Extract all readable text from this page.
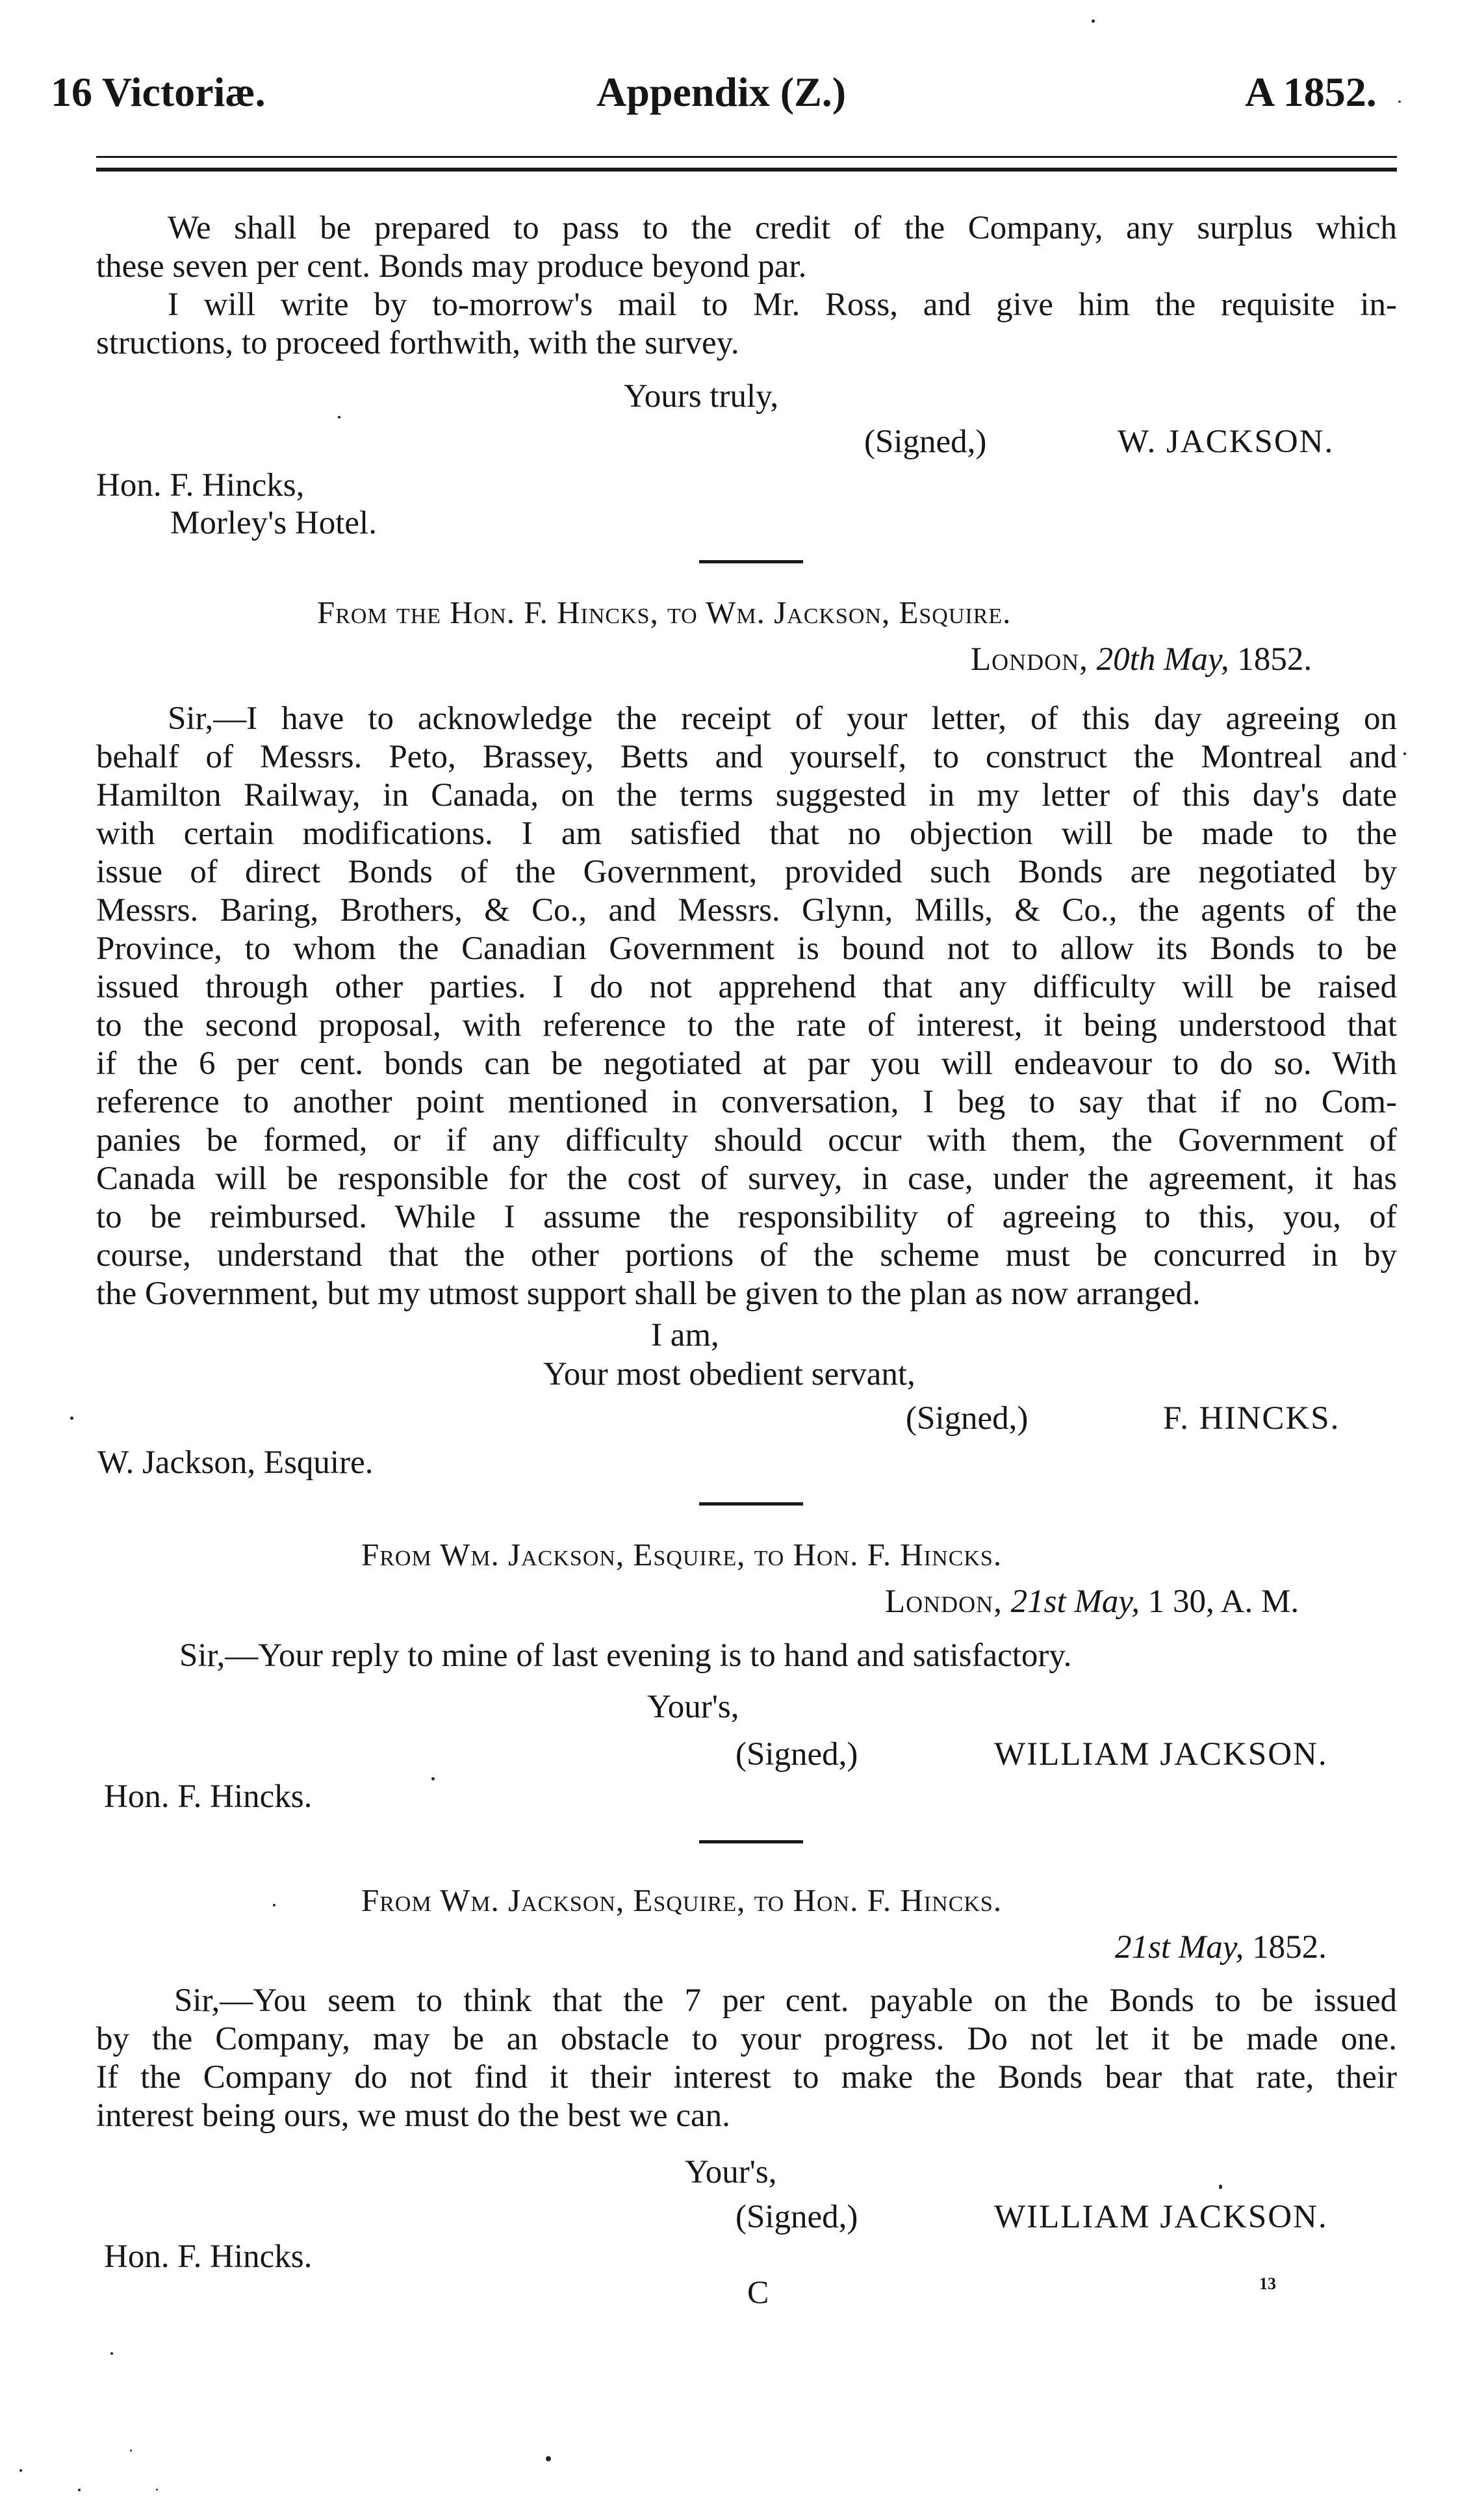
16 Victoriæ.	Appendix (Z.)	A 1852.
We shall be prepared to pass to the credit of the Company, any surplus which
these seven per cent. Bonds may produce beyond par.
I will write by to-morrow's mail to Mr. Ross, and give him the requisite in-
structions, to proceed forthwith, with the survey.
Yours truly,
(Signed,)	W. JACKSON.
Hon. F. Hincks,
Morley's Hotel.
From the Hon. F. Hincks, to Wm. Jackson, Esquire.
London, 20th May, 1852.
Sir,—I have to acknowledge the receipt of your letter, of this day agreeing on
behalf of Messrs. Peto, Brassey, Betts and yourself, to construct the Montreal and
Hamilton Railway, in Canada, on the terms suggested in my letter of this day's date
with certain modifications. I am satisfied that no objection will be made to the
issue of direct Bonds of the Government, provided such Bonds are negotiated by
Messrs. Baring, Brothers, & Co., and Messrs. Glynn, Mills, & Co., the agents of the
Province, to whom the Canadian Government is bound not to allow its Bonds to be
issued through other parties. I do not apprehend that any difficulty will be raised
to the second proposal, with reference to the rate of interest, it being understood that
if the 6 per cent. bonds can be negotiated at par you will endeavour to do so. With
reference to another point mentioned in conversation, I beg to say that if no Com-
panies be formed, or if any difficulty should occur with them, the Government of
Canada will be responsible for the cost of survey, in case, under the agreement, it has
to be reimbursed. While I assume the responsibility of agreeing to this, you, of
course, understand that the other portions of the scheme must be concurred in by
the Government, but my utmost support shall be given to the plan as now arranged.
I am,
Your most obedient servant,
(Signed,)	F. HINCKS.
W. Jackson, Esquire.
From Wm. Jackson, Esquire, to Hon. F. Hincks.
London, 21st May, 1 30, A. M.
Sir,—Your reply to mine of last evening is to hand and satisfactory.
Your's,
(Signed,)	WILLIAM JACKSON.
Hon. F. Hincks.
From Wm. Jackson, Esquire, to Hon. F. Hincks.
21st May, 1852.
Sir,—You seem to think that the 7 per cent. payable on the Bonds to be issued
by the Company, may be an obstacle to your progress. Do not let it be made one.
If the Company do not find it their interest to make the Bonds bear that rate, their
interest being ours, we must do the best we can.
Your's,
(Signed,)	WILLIAM JACKSON.
Hon. F. Hincks.
C	13
